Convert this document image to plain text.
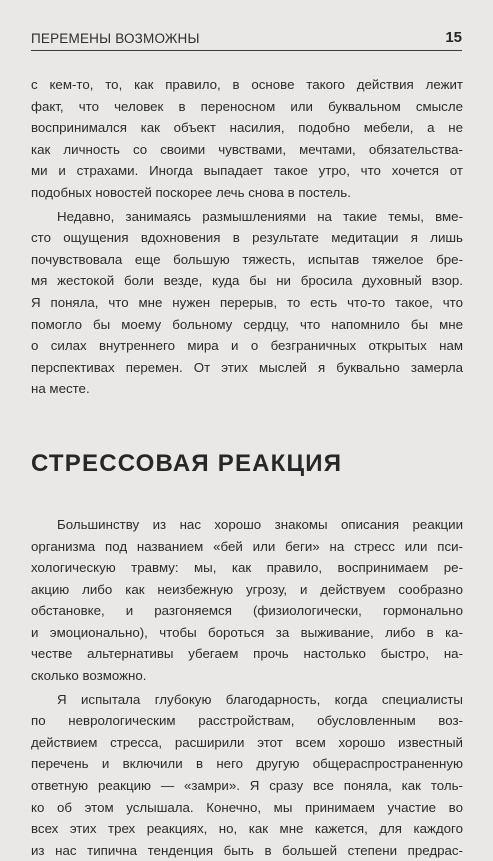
ПЕРЕМЕНЫ ВОЗМОЖНЫ	15

с кем-то, то, как правило, в основе такого действия лежит

факт, что человек в переносном или буквальном смысле

воспринимался как объект насилия, подобно мебели, а не

как личность со своими чувствами, мечтами, обязательства-

ми и страхами. Иногда выпадает такое утро, что хочется от

подобных новостей поскорее лечь снова в постель.

Недавно, занимаясь размышлениями на такие темы, вме-

сто ощущения вдохновения в результате медитации я лишь

почувствовала еще большую тяжесть, испытав тяжелое бре-

мя жестокой боли везде, куда бы ни бросила духовный взор.

Я поняла, что мне нужен перерыв, то есть что-то такое, что

помогло бы моему больному сердцу, что напомнило бы мне

о силах внутреннего мира и о безграничных открытых нам

перспективах перемен. От этих мыслей я буквально замерла

на месте.

СТРЕССОВАЯ РЕАКЦИЯ

Большинству из нас хорошо знакомы описания реакции

организма под названием «бей или беги» на стресс или пси-

хологическую травму: мы, как правило, воспринимаем ре-

акцию либо как неизбежную угрозу, и действуем сообразно

обстановке, и разгоняемся (физиологически, гормонально

и эмоционально), чтобы бороться за выживание, либо в ка-

честве альтернативы убегаем прочь настолько быстро, на-

сколько возможно.

Я испытала глубокую благодарность, когда специалисты

по неврологическим расстройствам, обусловленным воз-

действием стресса, расширили этот всем хорошо известный

перечень и включили в него другую общераспространенную

ответную реакцию — «замри». Я сразу все поняла, как толь-

ко об этом услышала. Конечно, мы принимаем участие во

всех этих трех реакциях, но, как мне кажется, для каждого

из нас типична тенденция быть в большей степени предрас-
